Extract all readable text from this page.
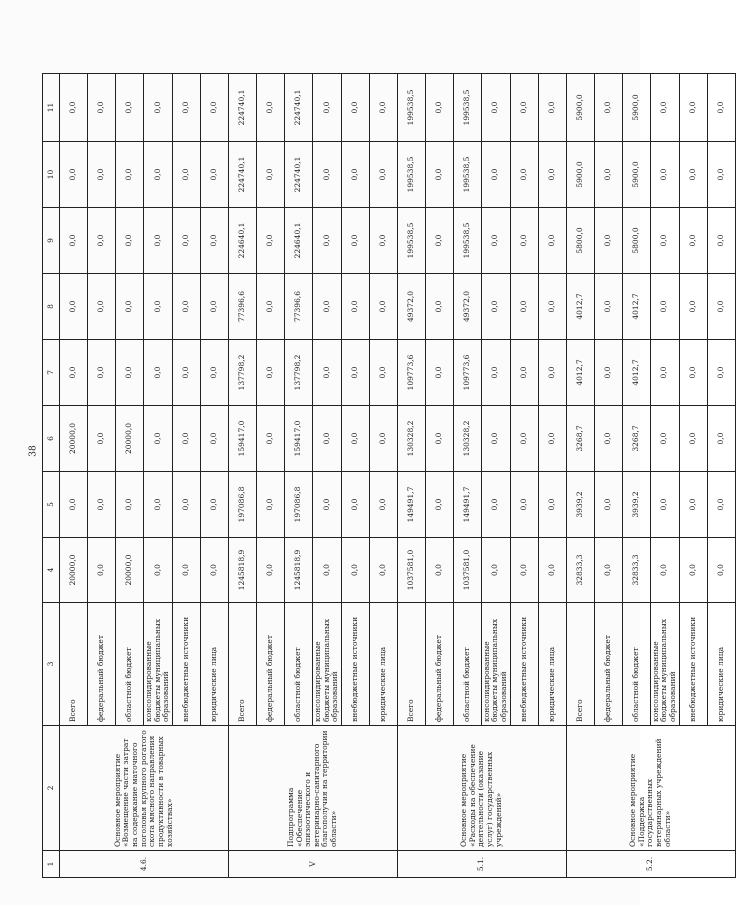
38
1	2	3	4	5	6	7	8	9	10	11
4.6.	Основное мероприятие «Возмещение части затрат на содержание маточного поголовья крупного рогатого скота мясного направления продуктивности в товарных хозяйствах»	Всего	20000,0	0,0	20000,0	0,0	0,0	0,0	0,0	0,0
		федеральный бюджет	0,0	0,0	0,0	0,0	0,0	0,0	0,0	0,0
		областной бюджет	20000,0	0,0	20000,0	0,0	0,0	0,0	0,0	0,0
		консолидированные бюджеты муниципальных образований	0,0	0,0	0,0	0,0	0,0	0,0	0,0	0,0
		внебюджетные источники	0,0	0,0	0,0	0,0	0,0	0,0	0,0	0,0
		юридические лица	0,0	0,0	0,0	0,0	0,0	0,0	0,0	0,0
V	Подпрограмма «Обеспечение эпизоотического и ветеринарно-санитарного благополучия на территории области»	Всего	1245818,9	197086,8	159417,0	137798,2	77396,6	224640,1	224740,1	224740,1
		федеральный бюджет	0,0	0,0	0,0	0,0	0,0	0,0	0,0	0,0
		областной бюджет	1245818,9	197086,8	159417,0	137798,2	77396,6	224640,1	224740,1	224740,1
		консолидированные бюджеты муниципальных образований	0,0	0,0	0,0	0,0	0,0	0,0	0,0	0,0
		внебюджетные источники	0,0	0,0	0,0	0,0	0,0	0,0	0,0	0,0
		юридические лица	0,0	0,0	0,0	0,0	0,0	0,0	0,0	0,0
5.1.	Основное мероприятие «Расходы на обеспечение деятельности (оказание услуг) государственных учреждений»	Всего	1037581,0	149491,7	130328,2	109773,6	49372,0	199538,5	199538,5	199538,5
		федеральный бюджет	0,0	0,0	0,0	0,0	0,0	0,0	0,0	0,0
		областной бюджет	1037581,0	149491,7	130328,2	109773,6	49372,0	199538,5	199538,5	199538,5
		консолидированные бюджеты муниципальных образований	0,0	0,0	0,0	0,0	0,0	0,0	0,0	0,0
		внебюджетные источники	0,0	0,0	0,0	0,0	0,0	0,0	0,0	0,0
		юридические лица	0,0	0,0	0,0	0,0	0,0	0,0	0,0	0,0
5.2.	Основное мероприятие «Поддержка государственных ветеринарных учреждений области»	Всего	32833,3	3939,2	3268,7	4012,7	4012,7	5800,0	5900,0	5900,0
		федеральный бюджет	0,0	0,0	0,0	0,0	0,0	0,0	0,0	0,0
		областной бюджет	32833,3	3939,2	3268,7	4012,7	4012,7	5800,0	5900,0	5900,0
		консолидированные бюджеты муниципальных образований	0,0	0,0	0,0	0,0	0,0	0,0	0,0	0,0
		внебюджетные источники	0,0	0,0	0,0	0,0	0,0	0,0	0,0	0,0
		юридические лица	0,0	0,0	0,0	0,0	0,0	0,0	0,0	0,0
